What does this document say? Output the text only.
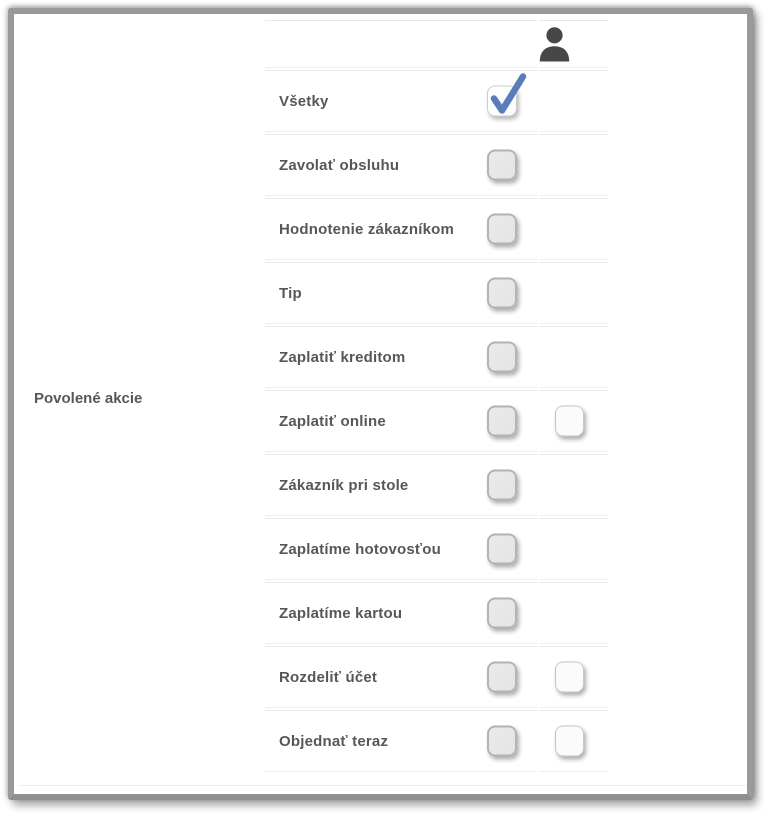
Povolené akcie
Všetky
Zavolať obsluhu
Hodnotenie zákazníkom
Tip
Zaplatiť kreditom
Zaplatiť online
Zákazník pri stole
Zaplatíme hotovosťou
Zaplatíme kartou
Rozdeliť účet
Objednať teraz
